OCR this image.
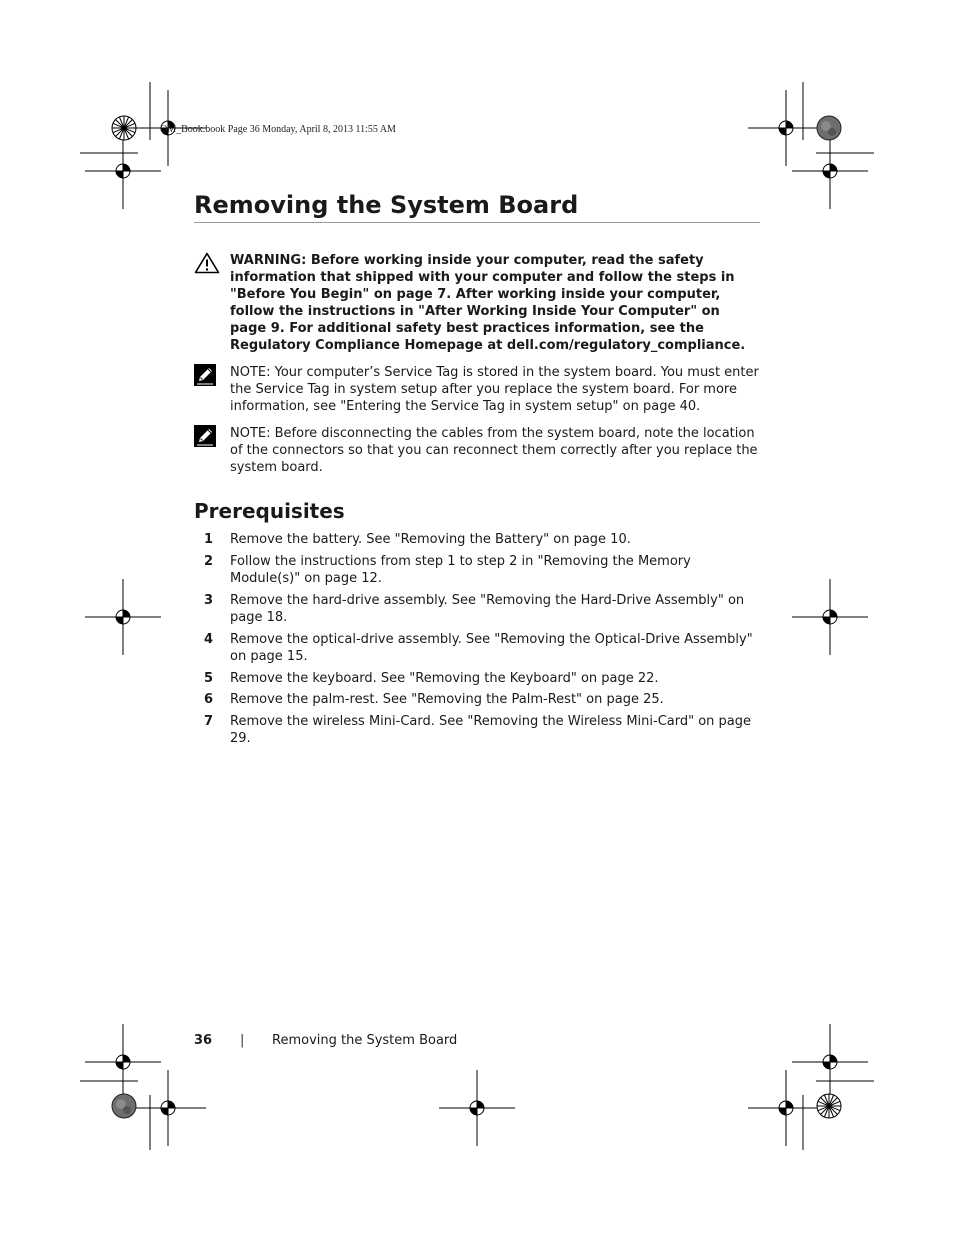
OM_Book.book Page 36 Monday, April 8, 2013 11:55 AM
Removing the System Board
WARNING: Before working inside your computer, read the safety information that shipped with your computer and follow the steps in "Before You Begin" on page 7. After working inside your computer, follow the instructions in "After Working Inside Your Computer" on page 9. For additional safety best practices information, see the Regulatory Compliance Homepage at dell.com/regulatory_compliance.
NOTE: Your computer’s Service Tag is stored in the system board. You must enter the Service Tag in system setup after you replace the system board. For more information, see "Entering the Service Tag in system setup" on page 40.
NOTE: Before disconnecting the cables from the system board, note the location of the connectors so that you can reconnect them correctly after you replace the system board.
Prerequisites
1 Remove the battery. See "Removing the Battery" on page 10.
2 Follow the instructions from step 1 to step 2 in "Removing the Memory Module(s)" on page 12.
3 Remove the hard-drive assembly. See "Removing the Hard-Drive Assembly" on page 18.
4 Remove the optical-drive assembly. See "Removing the Optical-Drive Assembly" on page 15.
5 Remove the keyboard. See "Removing the Keyboard" on page 22.
6 Remove the palm-rest. See "Removing the Palm-Rest" on page 25.
7 Remove the wireless Mini-Card. See "Removing the Wireless Mini-Card" on page 29.
36 | Removing the System Board
